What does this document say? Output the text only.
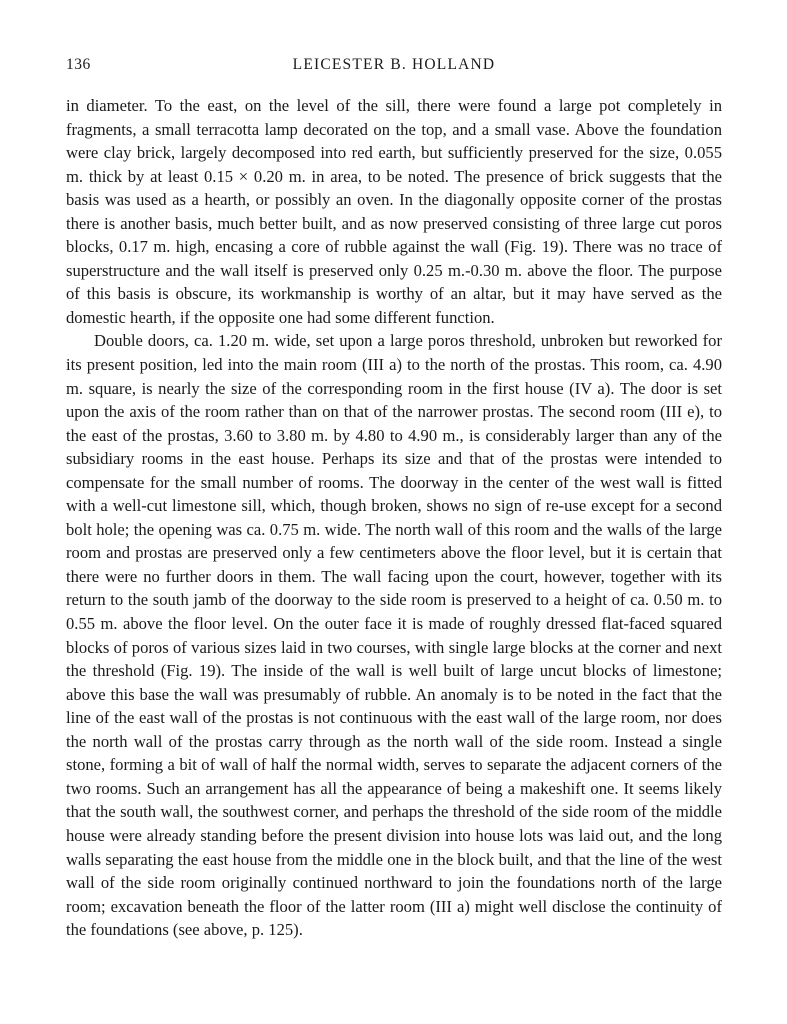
136	LEICESTER B. HOLLAND

in diameter. To the east, on the level of the sill, there were found a large pot completely in fragments, a small terracotta lamp decorated on the top, and a small vase. Above the foundation were clay brick, largely decomposed into red earth, but sufficiently preserved for the size, 0.055 m. thick by at least 0.15 × 0.20 m. in area, to be noted. The presence of brick suggests that the basis was used as a hearth, or possibly an oven. In the diagonally opposite corner of the prostas there is another basis, much better built, and as now preserved consisting of three large cut poros blocks, 0.17 m. high, encasing a core of rubble against the wall (Fig. 19). There was no trace of superstructure and the wall itself is preserved only 0.25 m.-0.30 m. above the floor. The purpose of this basis is obscure, its workmanship is worthy of an altar, but it may have served as the domestic hearth, if the opposite one had some different function.

Double doors, ca. 1.20 m. wide, set upon a large poros threshold, unbroken but reworked for its present position, led into the main room (III a) to the north of the prostas. This room, ca. 4.90 m. square, is nearly the size of the corresponding room in the first house (IV a). The door is set upon the axis of the room rather than on that of the narrower prostas. The second room (III e), to the east of the prostas, 3.60 to 3.80 m. by 4.80 to 4.90 m., is considerably larger than any of the subsidiary rooms in the east house. Perhaps its size and that of the prostas were intended to compensate for the small number of rooms. The doorway in the center of the west wall is fitted with a well-cut limestone sill, which, though broken, shows no sign of re-use except for a second bolt hole; the opening was ca. 0.75 m. wide. The north wall of this room and the walls of the large room and prostas are preserved only a few centimeters above the floor level, but it is certain that there were no further doors in them. The wall facing upon the court, however, together with its return to the south jamb of the doorway to the side room is preserved to a height of ca. 0.50 m. to 0.55 m. above the floor level. On the outer face it is made of roughly dressed flat-faced squared blocks of poros of various sizes laid in two courses, with single large blocks at the corner and next the threshold (Fig. 19). The inside of the wall is well built of large uncut blocks of limestone; above this base the wall was presumably of rubble. An anomaly is to be noted in the fact that the line of the east wall of the prostas is not continuous with the east wall of the large room, nor does the north wall of the prostas carry through as the north wall of the side room. Instead a single stone, forming a bit of wall of half the normal width, serves to separate the adjacent corners of the two rooms. Such an arrangement has all the appearance of being a makeshift one. It seems likely that the south wall, the southwest corner, and perhaps the threshold of the side room of the middle house were already standing before the present division into house lots was laid out, and the long walls separating the east house from the middle one in the block built, and that the line of the west wall of the side room originally continued northward to join the foundations north of the large room; excavation beneath the floor of the latter room (III a) might well disclose the continuity of the foundations (see above, p. 125).
